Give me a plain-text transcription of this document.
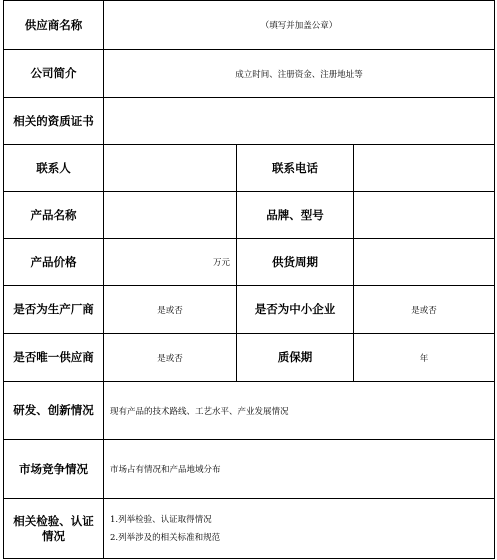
供应商名称	（填写并加盖公章）		
公司简介	成立时间、注册资金、注册地址等		
相关的资质证书			
联系人		联系电话	
产品名称		品牌、型号	
产品价格	万元	供货周期	
是否为生产厂商	是或否	是否为中小企业	是或否
是否唯一供应商	是或否	质保期	年
研发、创新情况	现有产品的技术路线、工艺水平、产业发展情况		
市场竞争情况	市场占有情况和产品地域分布		
相关检验、认证情况	1.列举检验、认证取得情况
2.列举涉及的相关标准和规范		
